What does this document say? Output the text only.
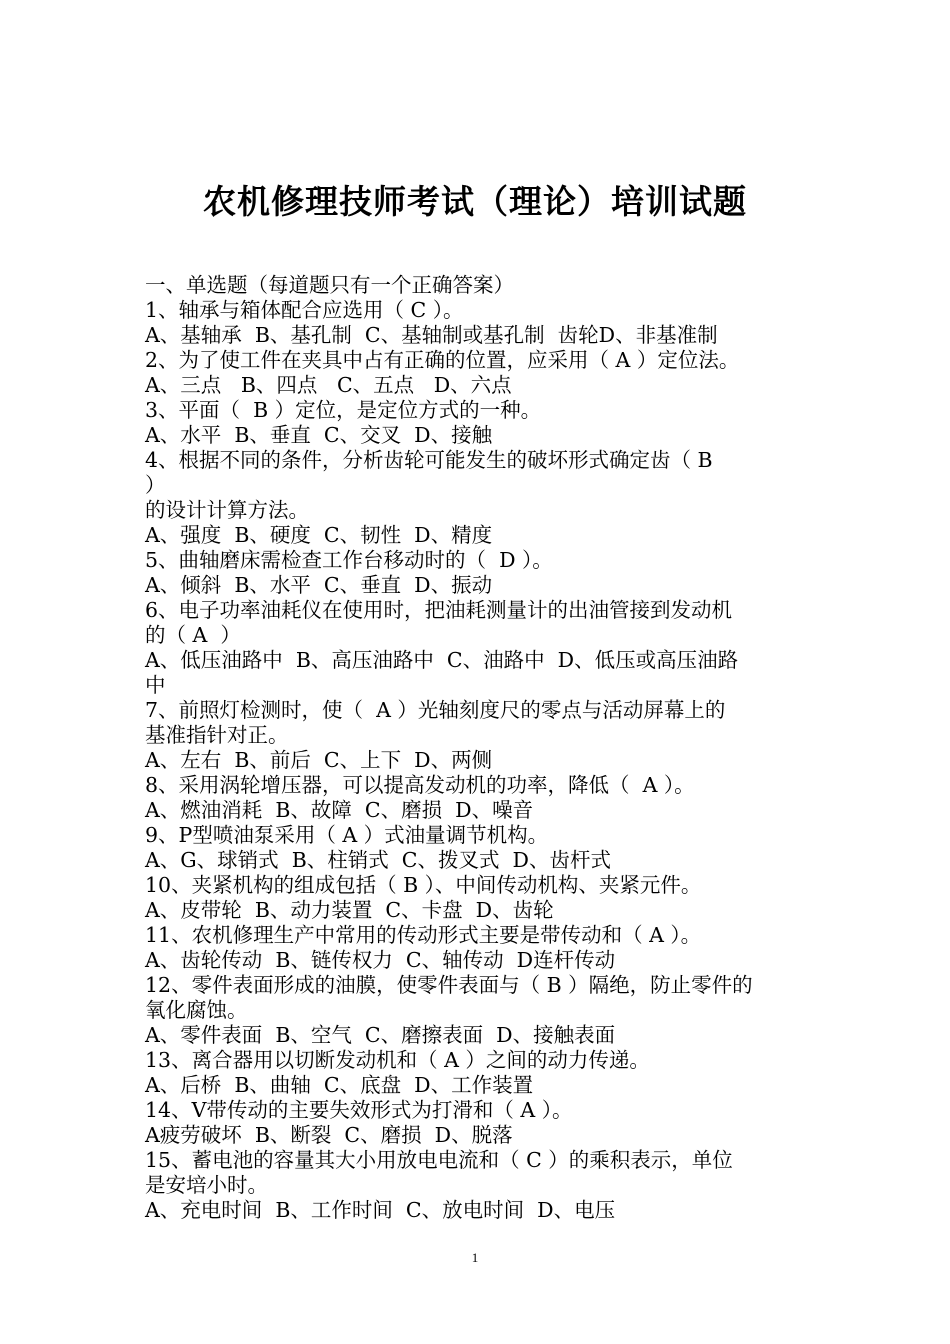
农机修理技师考试（理论）培训试题
一、单选题（每道题只有一个正确答案）
1、轴承与箱体配合应选用（ C ）。
A、基轴承  B、基孔制  C、基轴制或基孔制  齿轮D、非基准制
2、为了使工件在夹具中占有正确的位置，应采用（ A ）定位法。
A、三点   B、四点   C、五点   D、六点
3、平面（  B ）定位，是定位方式的一种。
A、水平  B、垂直  C、交叉  D、接触
4、根据不同的条件，分析齿轮可能发生的破坏形式确定齿（ B
）
的设计计算方法。
A、强度  B、硬度  C、韧性  D、精度
5、曲轴磨床需检查工作台移动时的（  D ）。
A、倾斜  B、水平  C、垂直  D、振动
6、电子功率油耗仪在使用时，把油耗测量计的出油管接到发动机
的（ A  ）
A、低压油路中  B、高压油路中  C、油路中  D、低压或高压油路
中
7、前照灯检测时，使（  A ）光轴刻度尺的零点与活动屏幕上的
基准指针对正。
A、左右  B、前后  C、上下  D、两侧
8、采用涡轮增压器，可以提高发动机的功率，降低（  A ）。
A、燃油消耗  B、故障  C、磨损  D、噪音
9、P型喷油泵采用（ A ）式油量调节机构。
A、G、球销式  B、柱销式  C、拨叉式  D、齿杆式
10、夹紧机构的组成包括（ B ）、中间传动机构、夹紧元件。
A、皮带轮  B、动力装置  C、卡盘  D、齿轮
11、农机修理生产中常用的传动形式主要是带传动和（ A ）。
A、齿轮传动  B、链传权力  C、轴传动  D连杆传动
12、零件表面形成的油膜，使零件表面与（ B ）隔绝，防止零件的
氧化腐蚀。
A、零件表面  B、空气  C、磨擦表面  D、接触表面
13、离合器用以切断发动机和（ A ）之间的动力传递。
A、后桥  B、曲轴  C、底盘  D、工作装置
14、V带传动的主要失效形式为打滑和（ A ）。
A疲劳破坏  B、断裂  C、磨损  D、脱落
15、蓄电池的容量其大小用放电电流和（ C ）的乘积表示，单位
是安培小时。
A、充电时间  B、工作时间  C、放电时间  D、电压
1
